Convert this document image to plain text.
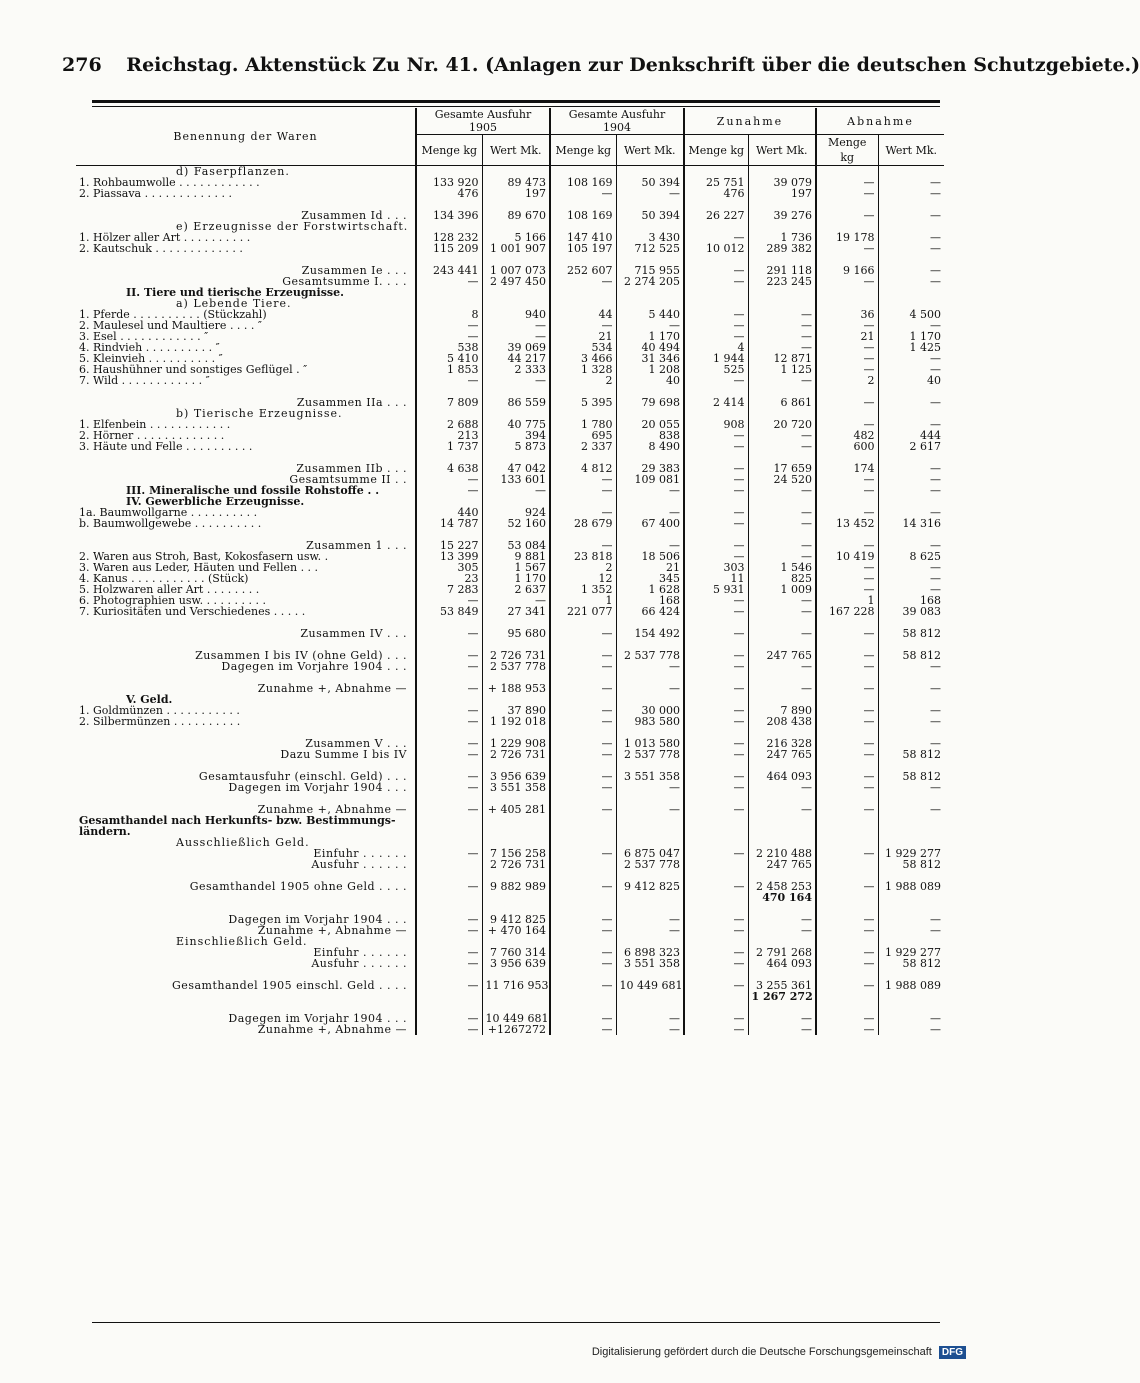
276 Reichstag. Aktenstück Zu Nr. 41. (Anlagen zur Denkschrift über die deutschen Schutzgebiete.)
Benennung der Waren	Gesamte Ausfuhr 1905		Gesamte Ausfuhr 1904		Zunahme		Abnahme	
	Menge kg	Wert Mk.	Menge kg	Wert Mk.	Menge kg	Wert Mk.	Menge kg	Wert Mk.
d) Faserpflanzen.								
1. Rohbaumwolle . . . . . . . . . . . .	133 920	89 473	108 169	50 394	25 751	39 079	—	—
2. Piassava . . . . . . . . . . . . .	476	197	—	—	476	197	—	—

Zusammen Id . . .	134 396	89 670	108 169	50 394	26 227	39 276	—	—
e) Erzeugnisse der Forstwirtschaft.								
1. Hölzer aller Art . . . . . . . . . .	128 232	5 166	147 410	3 430	—	1 736	19 178	—
2. Kautschuk . . . . . . . . . . . . .	115 209	1 001 907	105 197	712 525	10 012	289 382	—	—

Zusammen Ie . . .	243 441	1 007 073	252 607	715 955	—	291 118	9 166	—
Gesamtsumme I. . . .	—	2 497 450	—	2 274 205	—	223 245	—	—
II. Tiere und tierische Erzeugnisse.								
a) Lebende Tiere.								
1. Pferde . . . . . . . . . . (Stückzahl)	8	940	44	5 440	—	—	36	4 500
2. Maulesel und Maultiere . . . . ″	—	—	—	—	—	—	—	—
3. Esel . . . . . . . . . . . . ″	—	—	21	1 170	—	—	21	1 170
4. Rindvieh . . . . . . . . . . ″	538	39 069	534	40 494	4	—	—	1 425
5. Kleinvieh . . . . . . . . . . ″	5 410	44 217	3 466	31 346	1 944	12 871	—	—
6. Haushühner und sonstiges Geflügel . ″	1 853	2 333	1 328	1 208	525	1 125	—	—
7. Wild . . . . . . . . . . . . ″	—	—	2	40	—	—	2	40

Zusammen IIa . . .	7 809	86 559	5 395	79 698	2 414	6 861	—	—
b) Tierische Erzeugnisse.								
1. Elfenbein . . . . . . . . . . . .	2 688	40 775	1 780	20 055	908	20 720	—	—
2. Hörner . . . . . . . . . . . . .	213	394	695	838	—	—	482	444
3. Häute und Felle . . . . . . . . . .	1 737	5 873	2 337	8 490	—	—	600	2 617

Zusammen IIb . . .	4 638	47 042	4 812	29 383	—	17 659	174	—
Gesamtsumme II . .	—	133 601	—	109 081	—	24 520	—	—
III. Mineralische und fossile Rohstoffe . .	—	—	—	—	—	—	—	—
IV. Gewerbliche Erzeugnisse.								
1a. Baumwollgarne . . . . . . . . . .	440	924	—	—	—	—	—	—
b. Baumwollgewebe . . . . . . . . . .	14 787	52 160	28 679	67 400	—	—	13 452	14 316

Zusammen 1 . . .	15 227	53 084	—	—	—	—	—	—
2. Waren aus Stroh, Bast, Kokosfasern usw. .	13 399	9 881	23 818	18 506	—	—	10 419	8 625
3. Waren aus Leder, Häuten und Fellen . . .	305	1 567	2	21	303	1 546	—	—
4. Kanus . . . . . . . . . . . (Stück)	23	1 170	12	345	11	825	—	—
5. Holzwaren aller Art . . . . . . . .	7 283	2 637	1 352	1 628	5 931	1 009	—	—
6. Photographien usw. . . . . . . . . .	—	—	1	168	—	—	1	168
7. Kuriositäten und Verschiedenes . . . . .	53 849	27 341	221 077	66 424	—	—	167 228	39 083

Zusammen IV . . .	—	95 680	—	154 492	—	—	—	58 812

Zusammen I bis IV (ohne Geld) . . .	—	2 726 731	—	2 537 778	—	247 765	—	58 812
Dagegen im Vorjahre 1904 . . .	—	2 537 778	—	—	—	—	—	—

Zunahme +, Abnahme —	—	+ 188 953	—	—	—	—	—	—
V. Geld.								
1. Goldmünzen . . . . . . . . . . .	—	37 890	—	30 000	—	7 890	—	—
2. Silbermünzen . . . . . . . . . .	—	1 192 018	—	983 580	—	208 438	—	—

Zusammen V . . .	—	1 229 908	—	1 013 580	—	216 328	—	—
Dazu Summe I bis IV	—	2 726 731	—	2 537 778	—	247 765	—	58 812

Gesamtausfuhr (einschl. Geld) . . .	—	3 956 639	—	3 551 358	—	464 093	—	58 812
Dagegen im Vorjahr 1904 . . .	—	3 551 358	—	—	—	—	—	—

Zunahme +, Abnahme —	—	+ 405 281	—	—	—	—	—	—
Gesamthandel nach Herkunfts- bzw. Bestimmungs-								
ländern.								
Ausschließlich Geld.								
Einfuhr . . . . . .	—	7 156 258	—	6 875 047	—	2 210 488	—	1 929 277
Ausfuhr . . . . . .		2 726 731		2 537 778		247 765		58 812

Gesamthandel 1905 ohne Geld . . . .	—	9 882 989	—	9 412 825	—	2 458 253	—	1 988 089
						470 164		

Dagegen im Vorjahr 1904 . . .	—	9 412 825	—	—	—	—	—	—
Zunahme +, Abnahme —	—	+ 470 164	—	—	—	—	—	—
Einschließlich Geld.								
Einfuhr . . . . . .	—	7 760 314	—	6 898 323	—	2 791 268	—	1 929 277
Ausfuhr . . . . . .	—	3 956 639	—	3 551 358	—	464 093	—	58 812

Gesamthandel 1905 einschl. Geld . . . .	—	11 716 953	—	10 449 681	—	3 255 361	—	1 988 089
						1 267 272		

Dagegen im Vorjahr 1904 . . .	—	10 449 681	—	—	—	—	—	—
Zunahme +, Abnahme —	—	+1267272	—	—	—	—	—	—
Digitalisierung gefördert durch die Deutsche Forschungsgemeinschaft DFG
